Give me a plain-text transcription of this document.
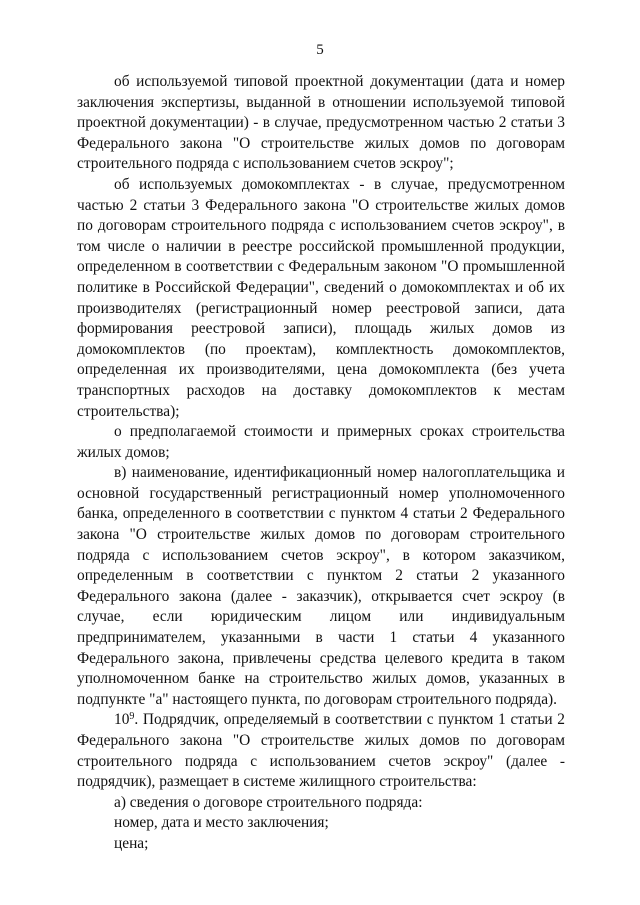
5

об используемой типовой проектной документации (дата и номер заключения экспертизы, выданной в отношении используемой типовой проектной документации) - в случае, предусмотренном частью 2 статьи 3 Федерального закона "О строительстве жилых домов по договорам строительного подряда с использованием счетов эскроу";

об используемых домокомплектах - в случае, предусмотренном частью 2 статьи 3 Федерального закона "О строительстве жилых домов по договорам строительного подряда с использованием счетов эскроу", в том числе о наличии в реестре российской промышленной продукции, определенном в соответствии с Федеральным законом "О промышленной политике в Российской Федерации", сведений о домокомплектах и об их производителях (регистрационный номер реестровой записи, дата формирования реестровой записи), площадь жилых домов из домокомплектов (по проектам), комплектность домокомплектов, определенная их производителями, цена домокомплекта (без учета транспортных расходов на доставку домокомплектов к местам строительства);

о предполагаемой стоимости и примерных сроках строительства жилых домов;

в) наименование, идентификационный номер налогоплательщика и основной государственный регистрационный номер уполномоченного банка, определенного в соответствии с пунктом 4 статьи 2 Федерального закона "О строительстве жилых домов по договорам строительного подряда с использованием счетов эскроу", в котором заказчиком, определенным в соответствии с пунктом 2 статьи 2 указанного Федерального закона (далее - заказчик), открывается счет эскроу (в случае, если юридическим лицом или индивидуальным предпринимателем, указанными в части 1 статьи 4 указанного Федерального закона, привлечены средства целевого кредита в таком уполномоченном банке на строительство жилых домов, указанных в подпункте "а" настоящего пункта, по договорам строительного подряда).

$10^9$. Подрядчик, определяемый в соответствии с пунктом 1 статьи 2 Федерального закона "О строительстве жилых домов по договорам строительного подряда с использованием счетов эскроу" (далее - подрядчик), размещает в системе жилищного строительства:

а) сведения о договоре строительного подряда:

номер, дата и место заключения;

цена;
